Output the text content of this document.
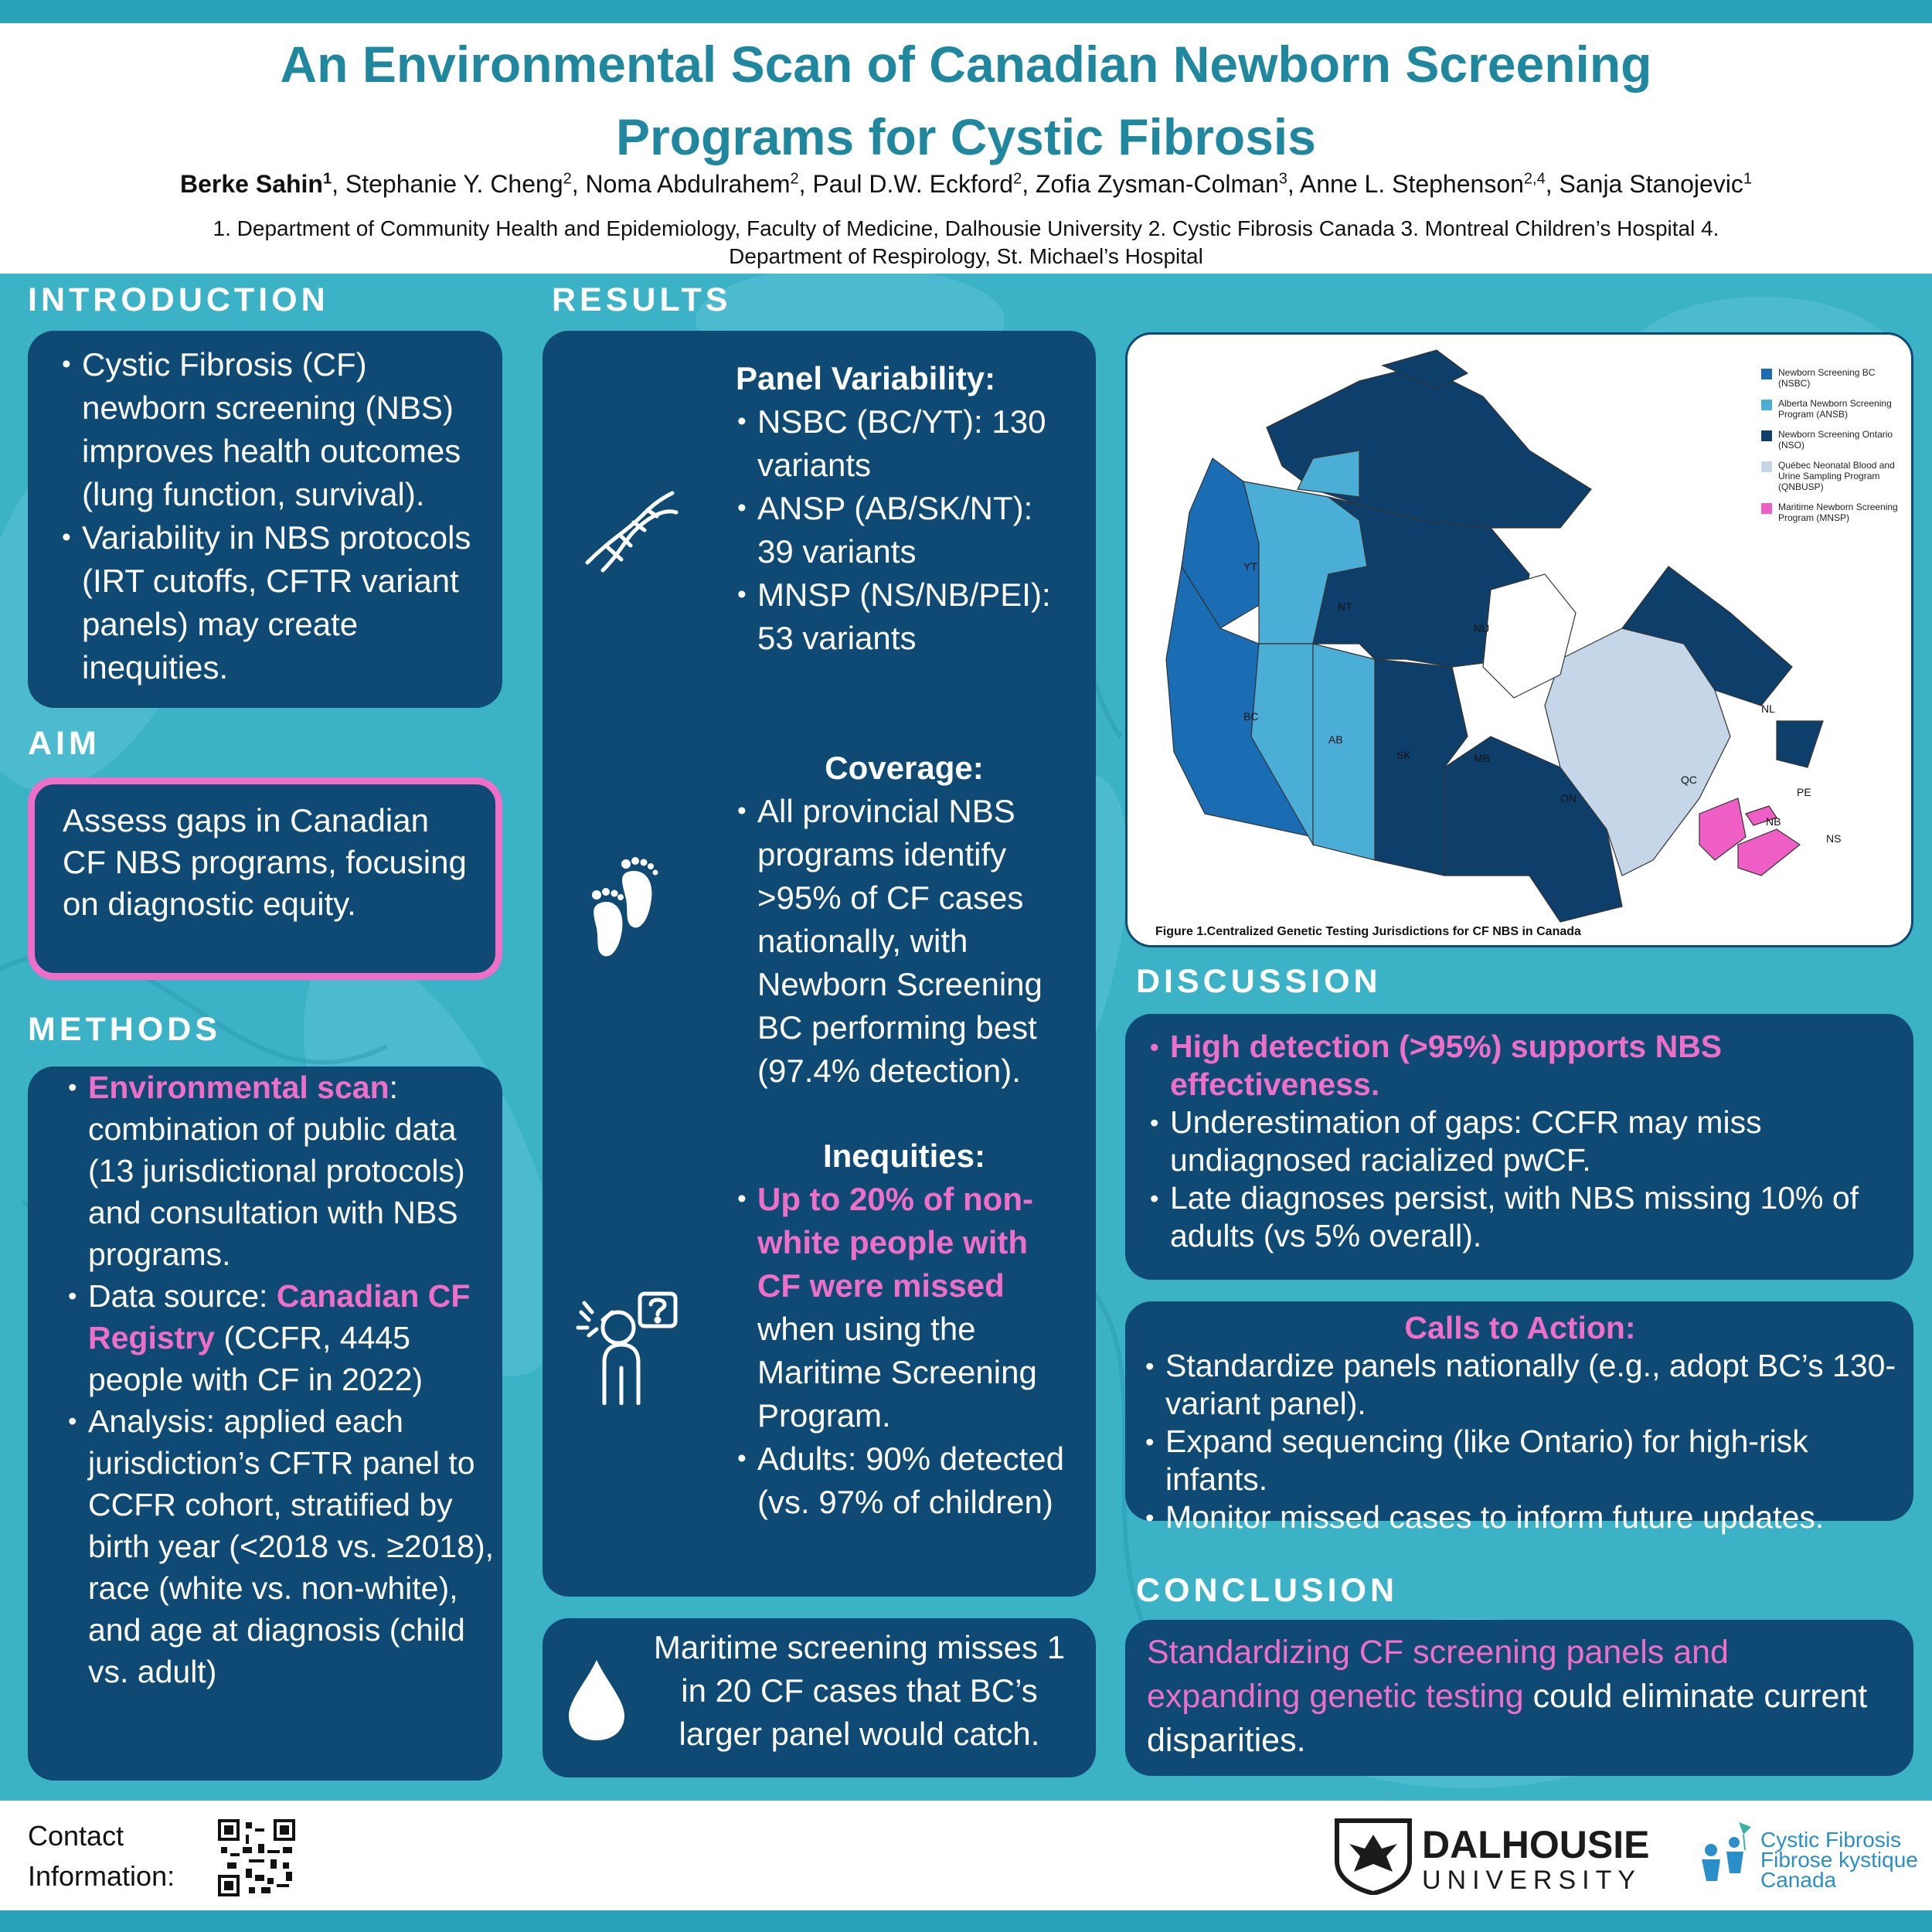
An Environmental Scan of Canadian Newborn Screening
Programs for Cystic Fibrosis
Berke Sahin$^1$, Stephanie Y. Cheng$^2$, Noma Abdulrahem$^2$, Paul D.W. Eckford$^2$, Zofia Zysman-Colman$^3$, Anne L. Stephenson$^{2,4}$, Sanja Stanojevic$^1$
1. Department of Community Health and Epidemiology, Faculty of Medicine, Dalhousie University 2. Cystic Fibrosis Canada 3. Montreal Children’s Hospital 4.
Department of Respirology, St. Michael’s Hospital
INTRODUCTION
• Cystic Fibrosis (CF) newborn screening (NBS) improves health outcomes (lung function, survival).
• Variability in NBS protocols (IRT cutoffs, CFTR variant panels) may create inequities.
AIM
Assess gaps in Canadian CF NBS programs, focusing on diagnostic equity.
METHODS
• Environmental scan: combination of public data (13 jurisdictional protocols) and consultation with NBS programs.
• Data source: Canadian CF Registry (CCFR, 4445 people with CF in 2022)
• Analysis: applied each jurisdiction’s CFTR panel to CCFR cohort, stratified by birth year (<2018 vs. ≥2018), race (white vs. non-white), and age at diagnosis (child vs. adult)
RESULTS
Panel Variability:
• NSBC (BC/YT): 130 variants
• ANSP (AB/SK/NT): 39 variants
• MNSP (NS/NB/PEI): 53 variants
Coverage:
• All provincial NBS programs identify >95% of CF cases nationally, with Newborn Screening BC performing best (97.4% detection).
Inequities:
• Up to 20% of non-white people with CF were missed when using the Maritime Screening Program.
• Adults: 90% detected (vs. 97% of children)
Maritime screening misses 1 in 20 CF cases that BC’s larger panel would catch.
Newborn Screening BC (NSBC)
Alberta Newborn Screening Program (ANSB)
Newborn Screening Ontario (NSO)
Québec Neonatal Blood and Urine Sampling Program (QNBUSP)
Maritime Newborn Screening Program (MNSP)
YT
NT
NU
BC
AB
SK	MB
ON
QC
NL
PE
NB
NS
Figure 1.Centralized Genetic Testing Jurisdictions for CF NBS in Canada
DISCUSSION
• High detection (>95%) supports NBS effectiveness.
• Underestimation of gaps: CCFR may miss undiagnosed racialized pwCF.
• Late diagnoses persist, with NBS missing 10% of adults (vs 5% overall).
Calls to Action:
• Standardize panels nationally (e.g., adopt BC’s 130-variant panel).
• Expand sequencing (like Ontario) for high-risk infants.
• Monitor missed cases to inform future updates.
CONCLUSION
Standardizing CF screening panels and expanding genetic testing could eliminate current disparities.
Contact
Information:
DALHOUSIE
UNIVERSITY
Cystic Fibrosis
Fibrose kystique
Canada
